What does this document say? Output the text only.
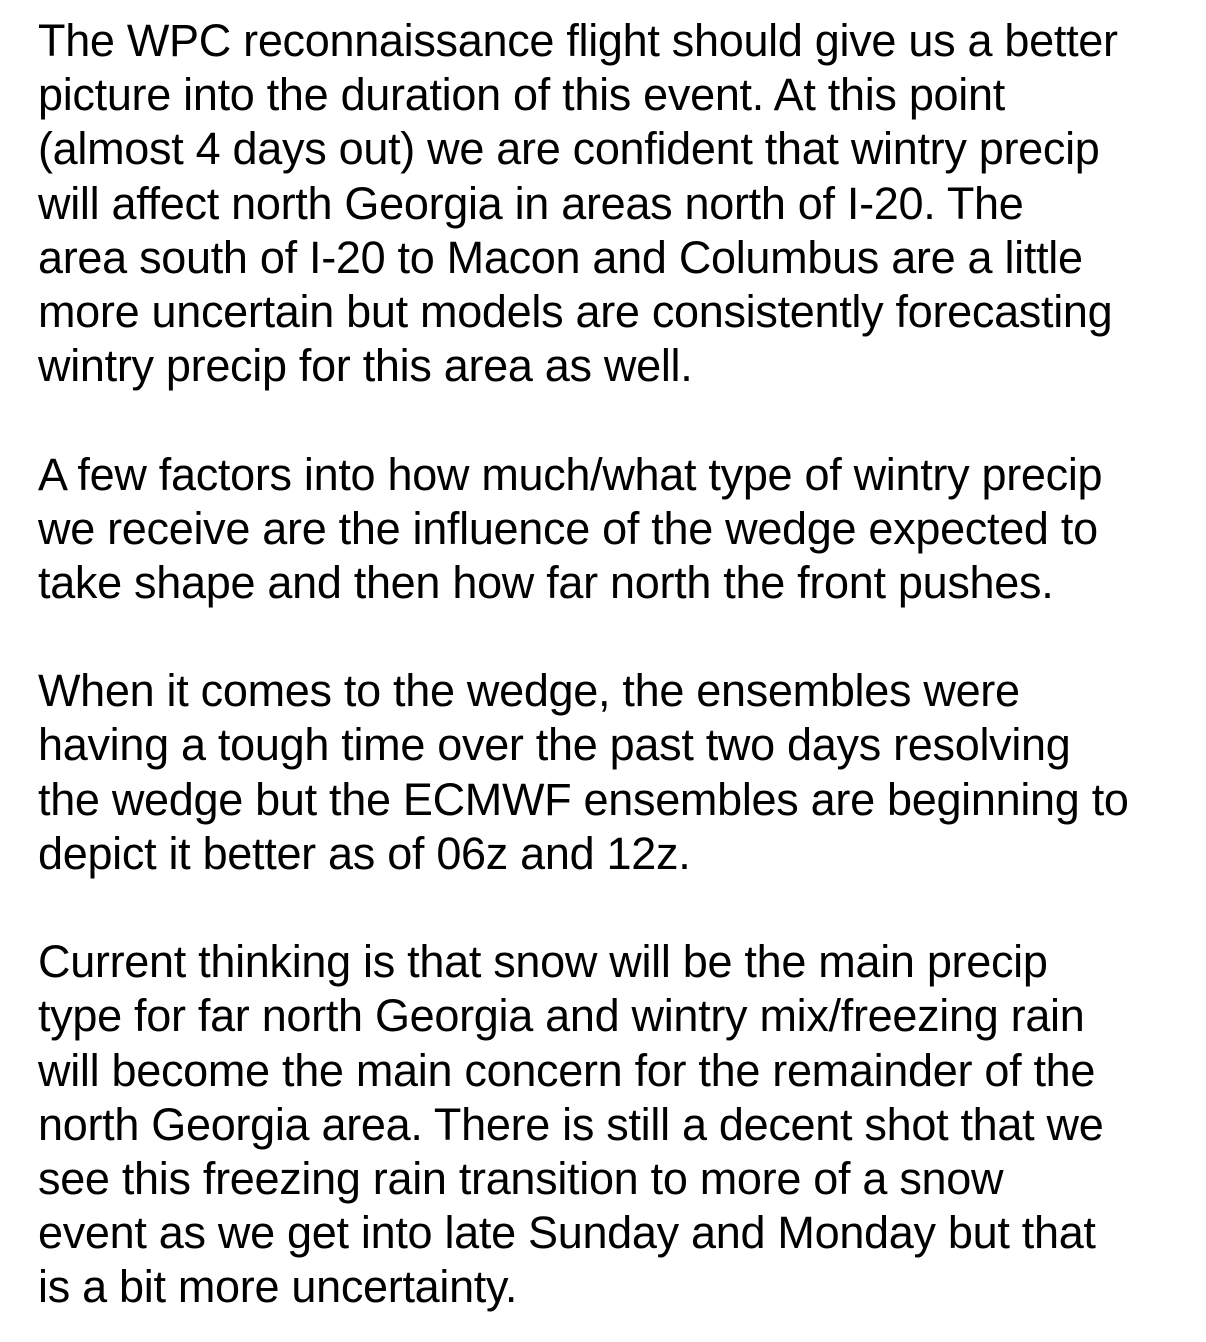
The WPC reconnaissance flight should give us a better
picture into the duration of this event. At this point
(almost 4 days out) we are confident that wintry precip
will affect north Georgia in areas north of I-20. The
area south of I-20 to Macon and Columbus are a little
more uncertain but models are consistently forecasting
wintry precip for this area as well.
A few factors into how much/what type of wintry precip
we receive are the influence of the wedge expected to
take shape and then how far north the front pushes.
When it comes to the wedge, the ensembles were
having a tough time over the past two days resolving
the wedge but the ECMWF ensembles are beginning to
depict it better as of 06z and 12z.
Current thinking is that snow will be the main precip
type for far north Georgia and wintry mix/freezing rain
will become the main concern for the remainder of the
north Georgia area. There is still a decent shot that we
see this freezing rain transition to more of a snow
event as we get into late Sunday and Monday but that
is a bit more uncertainty.
